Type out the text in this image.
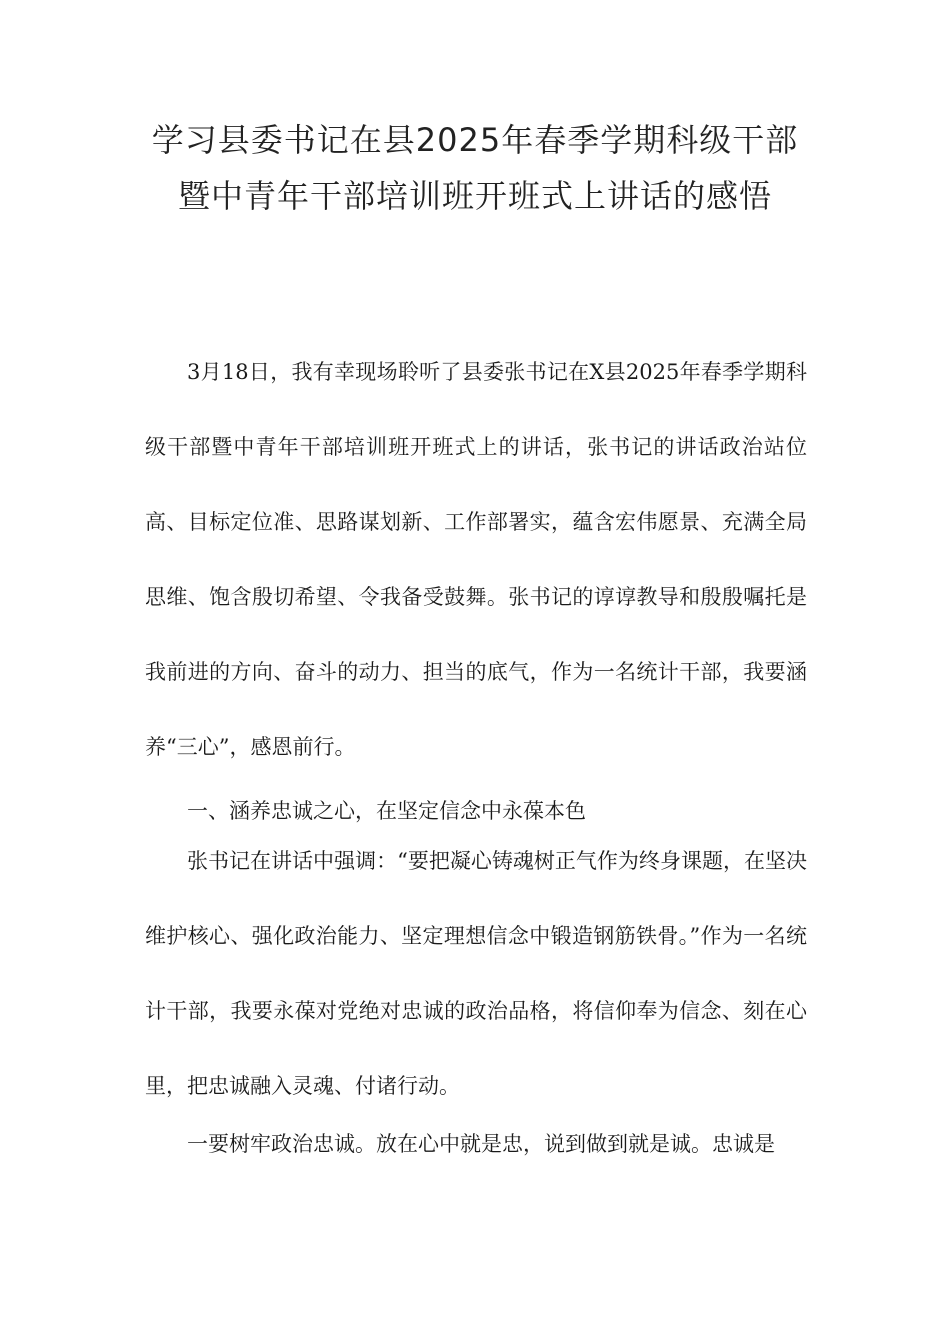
学习县委书记在县2025年春季学期科级干部暨中青年干部培训班开班式上讲话的感悟

3月18日，我有幸现场聆听了县委张书记在X县2025年春季学期科级干部暨中青年干部培训班开班式上的讲话，张书记的讲话政治站位高、目标定位准、思路谋划新、工作部署实，蕴含宏伟愿景、充满全局思维、饱含殷切希望、令我备受鼓舞。张书记的谆谆教导和殷殷嘱托是我前进的方向、奋斗的动力、担当的底气，作为一名统计干部，我要涵养“三心”，感恩前行。

一、涵养忠诚之心，在坚定信念中永葆本色

张书记在讲话中强调：“要把凝心铸魂树正气作为终身课题，在坚决维护核心、强化政治能力、坚定理想信念中锻造钢筋铁骨。”作为一名统计干部，我要永葆对党绝对忠诚的政治品格，将信仰奉为信念、刻在心里，把忠诚融入灵魂、付诸行动。

一要树牢政治忠诚。放在心中就是忠，说到做到就是诚。忠诚是
